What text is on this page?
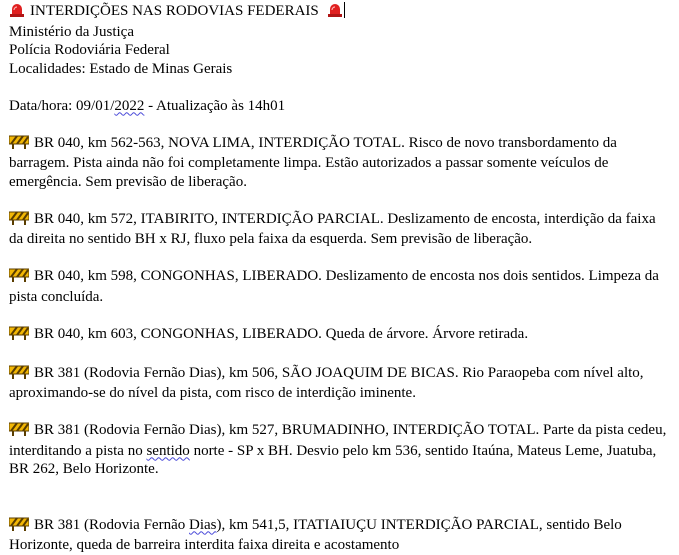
INTERDIÇÕES NAS RODOVIAS FEDERAIS
Ministério da Justiça
Polícia Rodoviária Federal
Localidades: Estado de Minas Gerais
Data/hora: 09/01/2022 - Atualização às 14h01

BR 040, km 562-563, NOVA LIMA, INTERDIÇÃO TOTAL. Risco de novo transbordamento da barragem. Pista ainda não foi completamente limpa. Estão autorizados a passar somente veículos de emergência. Sem previsão de liberação.

BR 040, km 572, ITABIRITO, INTERDIÇÃO PARCIAL. Deslizamento de encosta, interdição da faixa da direita no sentido BH x RJ, fluxo pela faixa da esquerda. Sem previsão de liberação.

BR 040, km 598, CONGONHAS, LIBERADO. Deslizamento de encosta nos dois sentidos. Limpeza da pista concluída.

BR 040, km 603, CONGONHAS, LIBERADO. Queda de árvore. Árvore retirada.

BR 381 (Rodovia Fernão Dias), km 506, SÃO JOAQUIM DE BICAS. Rio Paraopeba com nível alto, aproximando-se do nível da pista, com risco de interdição iminente.

BR 381 (Rodovia Fernão Dias), km 527, BRUMADINHO, INTERDIÇÃO TOTAL. Parte da pista cedeu, interditando a pista no sentido norte - SP x BH. Desvio pelo km 536, sentido Itaúna, Mateus Leme, Juatuba, BR 262, Belo Horizonte.

BR 381 (Rodovia Fernão Dias), km 541,5, ITATIAIUÇU INTERDIÇÃO PARCIAL, sentido Belo Horizonte, queda de barreira interdita faixa direita e acostamento
